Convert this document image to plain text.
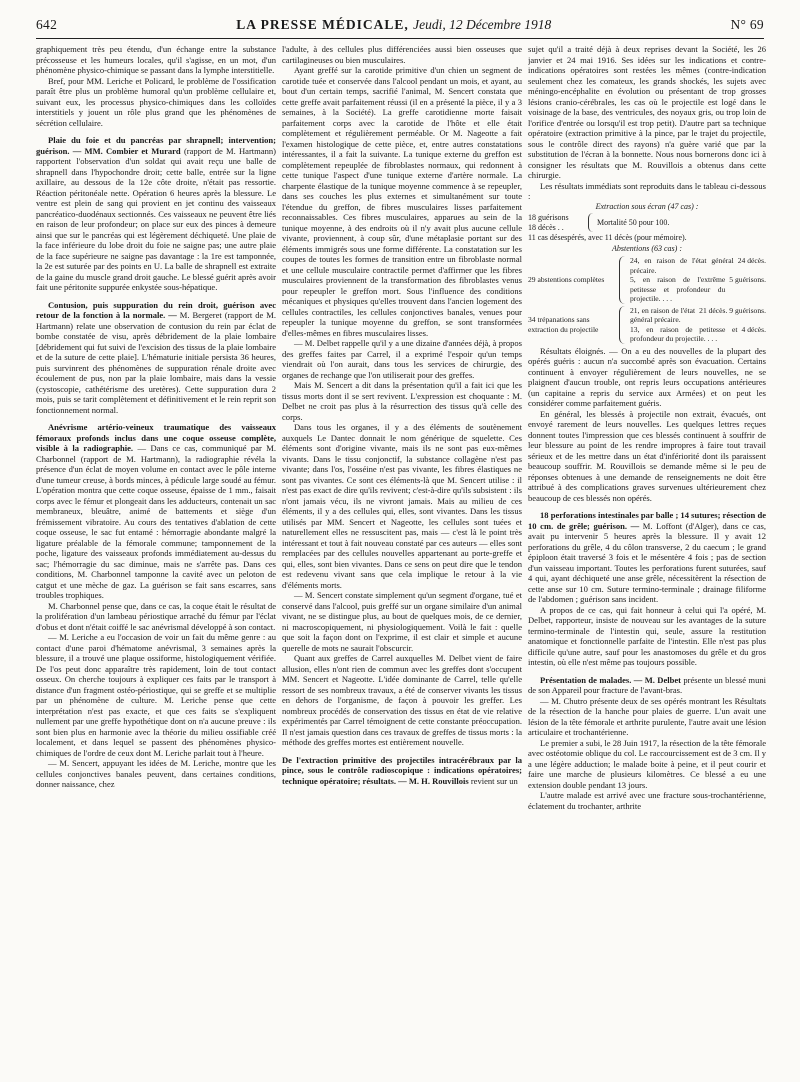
642	LA PRESSE MÉDICALE, Jeudi, 12 Décembre 1918	N° 69

graphiquement très peu étendu, d'un échange entre la substance précosseuse et les humeurs locales, qu'il s'agisse, en un mot, d'un phénomène physico-chimique se passant dans la lymphe interstitielle.

Bref, pour MM. Leriche et Policard, le problème de l'ossification paraît être plus un problème humoral qu'un problème cellulaire et, suivant eux, les processus physico-chimiques dans les colloïdes interstitiels y jouent un rôle plus grand que les phénomènes de sécrétion cellulaire.

Plaie du foie et du pancréas par shrapnell; intervention; guérison. — MM. Combier et Murard (rapport de M. Hartmann) rapportent l'observation d'un soldat qui avait reçu une balle de shrapnell dans l'hypochondre droit; cette balle, entrée sur la ligne axillaire, au dessous de la 12e côte droite, n'était pas ressortie. Réaction péritonéale nette. Opération 6 heures après la blessure. Le ventre est plein de sang qui provient en jet continu des vaisseaux pancréatico-duodénaux sectionnés. Ces vaisseaux ne peuvent être liés en raison de leur profondeur; on place sur eux des pinces à demeure ainsi que sur le pancréas qui est légèrement déchiqueté. Une plaie de la face inférieure du lobe droit du foie ne saigne pas; une autre plaie de la face supérieure ne saigne pas davantage : la 1re est tamponnée, la 2e est suturée par des points en U. La balle de shrapnell est extraite de la gaine du muscle grand droit gauche. Le blessé guérit après avoir fait une péritonite suppurée enkystée sous-hépatique.

Contusion, puis suppuration du rein droit, guérison avec retour de la fonction à la normale. — M. Bergeret (rapport de M. Hartmann) relate une observation de contusion du rein par éclat de bombe constatée de visu, après débridement de la plaie lombaire [débridement qui fut suivi de l'excision des tissus de la plaie lombaire et de la suture de cette plaie]. L'hématurie initiale persista 36 heures, puis survinrent des phénomènes de suppuration rénale droite avec écoulement de pus, non par la plaie lombaire, mais dans la vessie (cystoscopie, cathétérisme des uretères). Cette suppuration dura 2 mois, puis se tarit complètement et définitivement et le rein reprit son fonctionnement normal.

Anévrisme artério-veineux traumatique des vaisseaux fémoraux profonds inclus dans une coque osseuse complète, visible à la radiographie. — Dans ce cas, communiqué par M. Charbonnel (rapport de M. Hartmann), la radiographie révéla la présence d'un éclat de moyen volume en contact avec le pôle interne d'une tumeur creuse, à bords minces, à pédicule large soudé au fémur. L'opération montra que cette coque osseuse, épaisse de 1 mm., faisait corps avec le fémur et plongeait dans les adducteurs, contenait un sac membraneux, bleuâtre, animé de battements et siège d'un frémissement vibratoire. Au cours des tentatives d'ablation de cette coque osseuse, le sac fut entamé : hémorragie abondante malgré la ligature préalable de la fémorale commune; tamponnement de la poche, ligature des vaisseaux profonds immédiatement au-dessus du sac; l'hémorragie du sac diminue, mais ne s'arrête pas. Dans ces conditions, M. Charbonnel tamponne la cavité avec un peloton de catgut et une mèche de gaz. La guérison se fait sans escarres, sans troubles trophiques.

M. Charbonnel pense que, dans ce cas, la coque était le résultat de la prolifération d'un lambeau périostique arraché du fémur par l'éclat d'obus et dont n'était coiffé le sac anévrismal développé à son contact.

— M. Leriche a eu l'occasion de voir un fait du même genre : au contact d'une paroi d'hématome anévrismal, 3 semaines après la blessure, il a trouvé une plaque ossiforme, histologiquement vérifiée. De l'os peut donc apparaître très rapidement, loin de tout contact osseux. On cherche toujours à expliquer ces faits par le transport à distance d'un fragment ostéo-périostique, qui se greffe et se multiplie par un phénomène de culture. M. Leriche pense que cette interprétation n'est pas exacte, et que ces faits se s'expliquent nullement par une greffe hypothétique dont on n'a aucune preuve : ils sont bien plus en harmonie avec la théorie du milieu ossifiable créé localement, et dans lequel se passent des phénomènes physico-chimiques de l'ordre de ceux dont M. Leriche parlait tout à l'heure.

— M. Sencert, appuyant les idées de M. Leriche, montre que les cellules conjonctives banales peuvent, dans certaines conditions, donner naissance, chez

l'adulte, à des cellules plus différenciées aussi bien osseuses que cartilagineuses ou bien musculaires.

Ayant greffé sur la carotide primitive d'un chien un segment de carotide tuée et conservée dans l'alcool pendant un mois, et ayant, au bout d'un certain temps, sacrifié l'animal, M. Sencert constata que cette greffe avait parfaitement réussi (il en a présenté la pièce, il y a 3 semaines, à la Société). La greffe carotidienne morte faisait parfaitement corps avec la carotide de l'hôte et elle était complètement et régulièrement perméable. Or M. Nageotte a fait l'examen histologique de cette pièce, et, entre autres constatations intéressantes, il a fait la suivante. La tunique externe du greffon est complètement repeuplée de fibroblastes normaux, qui redonnent à cette tunique l'aspect d'une tunique externe d'artère normale. La charpente élastique de la tunique moyenne commence à se repeupler, dans ses couches les plus externes et simultanément sur toute l'étendue du greffon, de fibres musculaires lisses parfaitement reconnaissables. Ces fibres musculaires, apparues au sein de la tunique moyenne, à des endroits où il n'y avait plus aucune cellule vivante, proviennent, à coup sûr, d'une métaplasie portant sur des éléments immigrés sous une forme différente. La constatation sur les coupes de toutes les formes de transition entre un fibroblaste normal et une cellule musculaire contractile permet d'affirmer que les fibres musculaires proviennent de la transformation des fibroblastes venus pour repeupler le greffon mort. Sous l'influence des conditions mécaniques et physiques qu'elles trouvent dans l'ancien logement des cellules contractiles, les cellules conjonctives banales, venues pour repeupler la tunique moyenne du greffon, se sont transformées d'elles-mêmes en fibres musculaires lisses.

— M. Delbet rappelle qu'il y a une dizaine d'années déjà, à propos des greffes faites par Carrel, il a exprimé l'espoir qu'un temps viendrait où l'on aurait, dans tous les services de chirurgie, des organes de rechange que l'on utiliserait pour des greffes.

Mais M. Sencert a dit dans la présentation qu'il a fait ici que les tissus morts dont il se sert revivent. L'expression est choquante : M. Delbet ne croit pas plus à la résurrection des tissus qu'à celle des corps.

Dans tous les organes, il y a des éléments de soutènement auxquels Le Dantec donnait le nom générique de squelette. Ces éléments sont d'origine vivante, mais ils ne sont pas eux-mêmes vivants. Dans le tissu conjonctif, la substance collagène n'est pas vivante; dans l'os, l'osséine n'est pas vivante, les fibres élastiques ne sont pas vivantes. Ce sont ces éléments-là que M. Sencert utilise : il n'est pas exact de dire qu'ils revivent; c'est-à-dire qu'ils subsistent : ils n'ont jamais vécu, ils ne vivront jamais. Mais au milieu de ces éléments, il y a des cellules qui, elles, sont vivantes. Dans les tissus utilisés par MM. Sencert et Nageotte, les cellules sont tuées et naturellement elles ne ressuscitent pas, mais — c'est là le point très intéressant et tout à fait nouveau constaté par ces auteurs — elles sont remplacées par des cellules nouvelles appartenant au porte-greffe et qui, elles, sont bien vivantes. Dans ce sens on peut dire que le tendon est redevenu vivant sans que cela implique le retour à la vie d'éléments morts.

— M. Sencert constate simplement qu'un segment d'organe, tué et conservé dans l'alcool, puis greffé sur un organe similaire d'un animal vivant, ne se distingue plus, au bout de quelques mois, de ce dernier, ni macroscopiquement, ni physiologiquement. Voilà le fait : quelle que soit la façon dont on l'exprime, il est clair et simple et aucune querelle de mots ne saurait l'obscurcir.

Quant aux greffes de Carrel auxquelles M. Delbet vient de faire allusion, elles n'ont rien de commun avec les greffes dont s'occupent MM. Sencert et Nageotte. L'idée dominante de Carrel, telle qu'elle ressort de ses nombreux travaux, a été de conserver vivants les tissus en dehors de l'organisme, de façon à pouvoir les greffer. Les nombreux procédés de conservation des tissus en état de vie relative expérimentés par Carrel témoignent de cette constante préoccupation. Il n'est jamais question dans ces travaux de greffes de tissus morts : la méthode des greffes mortes est entièrement nouvelle.

De l'extraction primitive des projectiles intracérébraux par la pince, sous le contrôle radioscopique : indications opératoires; technique opératoire; résultats. — M. H. Rouvillois revient sur un

sujet qu'il a traité déjà à deux reprises devant la Société, les 26 janvier et 24 mai 1916. Ses idées sur les indications et contre-indications opératoires sont restées les mêmes (contre-indication seulement chez les comateux, les grands shockés, les sujets avec méningo-encéphalite en évolution ou présentant de trop grosses lésions cranio-cérébrales, les cas où le projectile est logé dans le voisinage de la base, des ventricules, des noyaux gris, ou trop loin de l'orifice d'entrée ou lorsqu'il est trop petit). D'autre part sa technique opératoire (extraction primitive à la pince, par le trajet du projectile, sous le contrôle direct des rayons) n'a guère varié que par la substitution de l'écran à la bonnette. Nous nous bornerons donc ici à consigner les résultats que M. Rouvillois a obtenus dans cette chirurgie.

Les résultats immédiats sont reproduits dans le tableau ci-dessous :

Extraction sous écran (47 cas) :

18 guérisons
18 décès . .
Mortalité 50 pour 100.

11 cas désespérés, avec 11 décès (pour mémoire).

Abstentions (63 cas) :

29 abstentions complètes
24, en raison de l'état général précaire.
24 décès.
5, en raison de l'extrême petitesse et profondeur du projectile. . . .
5 guérisons.
34 trépanations sans extraction du projectile
21, en raison de l'état général précaire.
21 décès. 9 guérisons.
13, en raison de petitesse et profondeur du projectile. . . .
4 décès.

Résultats éloignés. — On a eu des nouvelles de la plupart des opérés guéris : aucun n'a succombé après son évacuation. Certains continuent à envoyer régulièrement de leurs nouvelles, ne se plaignent d'aucun trouble, ont repris leurs occupations antérieures (un capitaine a repris du service aux Armées) et on peut les considérer comme parfaitement guéris.

En général, les blessés à projectile non extrait, évacués, ont envoyé rarement de leurs nouvelles. Les quelques lettres reçues donnent toutes l'impression que ces blessés continuent à souffrir de leur blessure au point de les rendre impropres à faire tout travail sérieux et de les mettre dans un état d'infériorité dont ils paraissent beaucoup souffrir. M. Rouvillois se demande même si le peu de réponses obtenues à une demande de renseignements ne doit être attribué à des complications graves survenues ultérieurement chez beaucoup de ces blessés non opérés.

18 perforations intestinales par balle ; 14 sutures; résection de 10 cm. de grêle; guérison. — M. Loffont (d'Alger), dans ce cas, avait pu intervenir 5 heures après la blessure. Il y avait 12 perforations du grêle, 4 du côlon transverse, 2 du caecum ; le grand épiploon était traversé 3 fois et le mésentère 4 fois ; pas de section d'un vaisseau important. Toutes les perforations furent suturées, sauf 4 qui, ayant déchiqueté une anse grêle, nécessitèrent la résection de cette anse sur 10 cm. Suture termino-terminale ; drainage filiforme de l'abdomen ; guérison sans incident.

A propos de ce cas, qui fait honneur à celui qui l'a opéré, M. Delbet, rapporteur, insiste de nouveau sur les avantages de la suture termino-terminale de l'intestin qui, seule, assure la restitution anatomique et fonctionnelle parfaite de l'intestin. Elle n'est pas plus difficile qu'une autre, sauf pour les anastomoses du grêle et du gros intestin, où elle n'est même pas toujours possible.

Présentation de malades. — M. Delbet présente un blessé muni de son Appareil pour fracture de l'avant-bras.

— M. Chutro présente deux de ses opérés montrant les Résultats de la résection de la hanche pour plaies de guerre. L'un avait une lésion de la tête fémorale et arthrite purulente, l'autre avait une lésion articulaire et trochantérienne.

Le premier a subi, le 28 Juin 1917, la résection de la tête fémorale avec ostéotomie oblique du col. Le raccourcissement est de 3 cm. Il y a une légère adduction; le malade boite à peine, et il peut courir et faire une marche de plusieurs kilomètres. Ce blessé a eu une extension double pendant 13 jours.

L'autre malade est arrivé avec une fracture sous-trochantérienne, éclatement du trochanter, arthrite
